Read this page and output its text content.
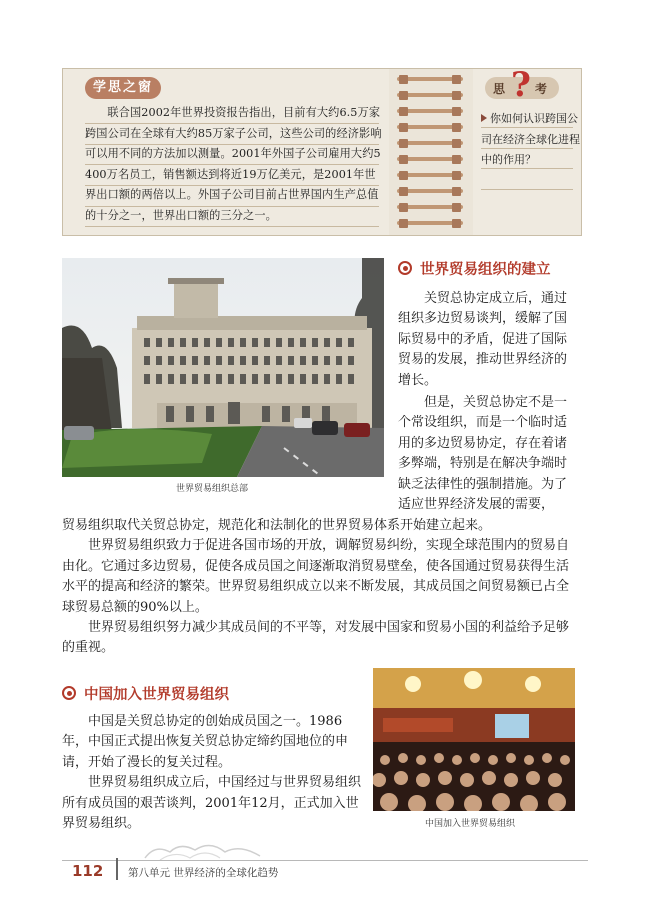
学思之窗

联合国2002年世界投资报告指出，目前有大约6.5万家跨国公司在全球有大约85万家子公司，这些公司的经济影响可以用不同的方法加以测量。2001年外国子公司雇用大约5 400万名员工，销售额达到将近19万亿美元，是2001年世界出口额的两倍以上。外国子公司目前占世界国内生产总值的十分之一，世界出口额的三分之一。

思 ? 考
你如何认识跨国公司在经济全球化进程中的作用？
世界贸易组织总部
世界贸易组织的建立

关贸总协定成立后，通过组织多边贸易谈判，缓解了国际贸易中的矛盾，促进了国际贸易的发展，推动世界经济的增长。

但是，关贸总协定不是一个常设组织，而是一个临时适用的多边贸易协定，存在着诸多弊端，特别是在解决争端时缺乏法律性的强制措施。为了适应世界经济发展的需要，

贸易组织取代关贸总协定，规范化和法制化的世界贸易体系开始建立起来。

世界贸易组织致力于促进各国市场的开放，调解贸易纠纷，实现全球范围内的贸易自由化。它通过多边贸易，促使各成员国之间逐渐取消贸易壁垒，使各国通过贸易获得生活水平的提高和经济的繁荣。世界贸易组织成立以来不断发展，其成员国之间贸易额已占全球贸易总额的90%以上。

世界贸易组织努力减少其成员间的不平等，对发展中国家和贸易小国的利益给予足够的重视。

中国加入世界贸易组织

中国是关贸总协定的创始成员国之一。1986年，中国正式提出恢复关贸总协定缔约国地位的申请，开始了漫长的复关过程。

世界贸易组织成立后，中国经过与世界贸易组织所有成员国的艰苦谈判，2001年12月，正式加入世界贸易组织。	中国加入世界贸易组织
112 第八单元 世界经济的全球化趋势
